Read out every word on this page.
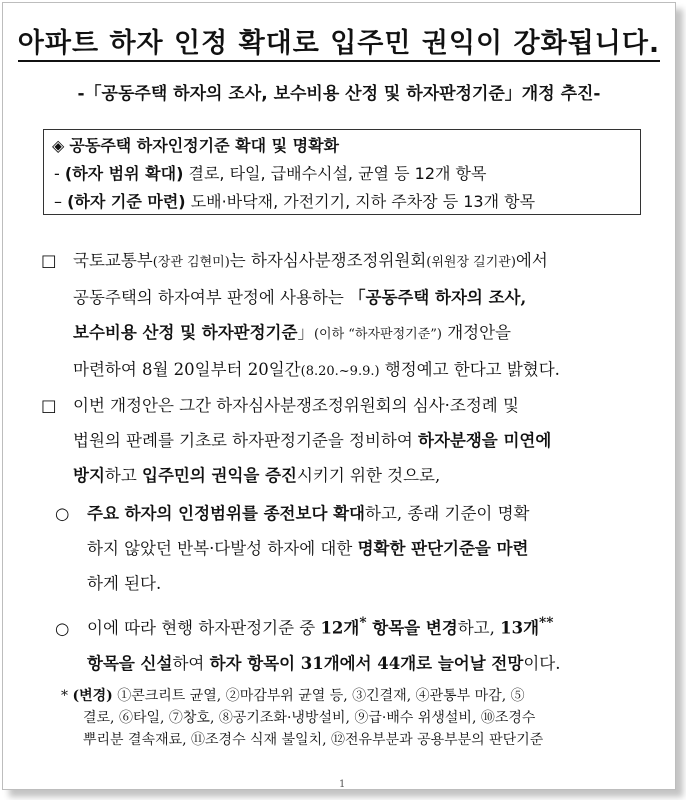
아파트 하자 인정 확대로 입주민 권익이 강화됩니다.
-「공동주택 하자의 조사, 보수비용 산정 및 하자판정기준」개정 추진-
◈ 공동주택 하자인정기준 확대 및 명확화
- (하자 범위 확대) 결로, 타일, 급배수시설, 균열 등 12개 항목
– (하자 기준 마련) 도배·바닥재, 가전기기, 지하 주차장 등 13개 항목
□ 국토교통부(장관 김현미)는 하자심사분쟁조정위원회(위원장 길기관)에서
공동주택의 하자여부 판정에 사용하는 「공동주택 하자의 조사,
보수비용 산정 및 하자판정기준」(이하 “하자판정기준”) 개정안을
마련하여 8월 20일부터 20일간(8.20.~9.9.) 행정예고 한다고 밝혔다.
□ 이번 개정안은 그간 하자심사분쟁조정위원회의 심사·조정례 및
법원의 판례를 기초로 하자판정기준을 정비하여 하자분쟁을 미연에
방지하고 입주민의 권익을 증진시키기 위한 것으로,
○ 주요 하자의 인정범위를 종전보다 확대하고, 종래 기준이 명확
하지 않았던 반복·다발성 하자에 대한 명확한 판단기준을 마련
하게 된다.
○ 이에 따라 현행 하자판정기준 중 12개* 항목을 변경하고, 13개**
항목을 신설하여 하자 항목이 31개에서 44개로 늘어날 전망이다.
* (변경) ①콘크리트 균열, ②마감부위 균열 등, ③긴결재, ④관통부 마감, ⑤
결로, ⑥타일, ⑦창호, ⑧공기조화·냉방설비, ⑨급·배수 위생설비, ⑩조경수
뿌리분 결속재료, ⑪조경수 식재 불일치, ⑫전유부분과 공용부분의 판단기준
1
